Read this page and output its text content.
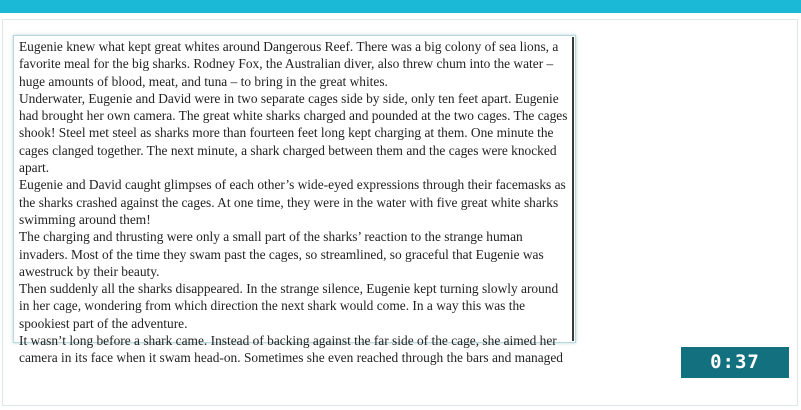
Eugenie knew what kept great whites around Dangerous Reef. There was a big colony of sea lions, a favorite meal for the big sharks. Rodney Fox, the Australian diver, also threw chum into the water – huge amounts of blood, meat, and tuna – to bring in the great whites.

Underwater, Eugenie and David were in two separate cages side by side, only ten feet apart. Eugenie had brought her own camera. The great white sharks charged and pounded at the two cages. The cages shook! Steel met steel as sharks more than fourteen feet long kept charging at them. One minute the cages clanged together. The next minute, a shark charged between them and the cages were knocked apart.

Eugenie and David caught glimpses of each other’s wide-eyed expressions through their facemasks as the sharks crashed against the cages. At one time, they were in the water with five great white sharks swimming around them!

The charging and thrusting were only a small part of the sharks’ reaction to the strange human invaders. Most of the time they swam past the cages, so streamlined, so graceful that Eugenie was awestruck by their beauty.

Then suddenly all the sharks disappeared. In the strange silence, Eugenie kept turning slowly around in her cage, wondering from which direction the next shark would come. In a way this was the spookiest part of the adventure.

It wasn’t long before a shark came. Instead of backing against the far side of the cage, she aimed her camera in its face when it swam head-on. Sometimes she even reached through the bars and managed	0:37
